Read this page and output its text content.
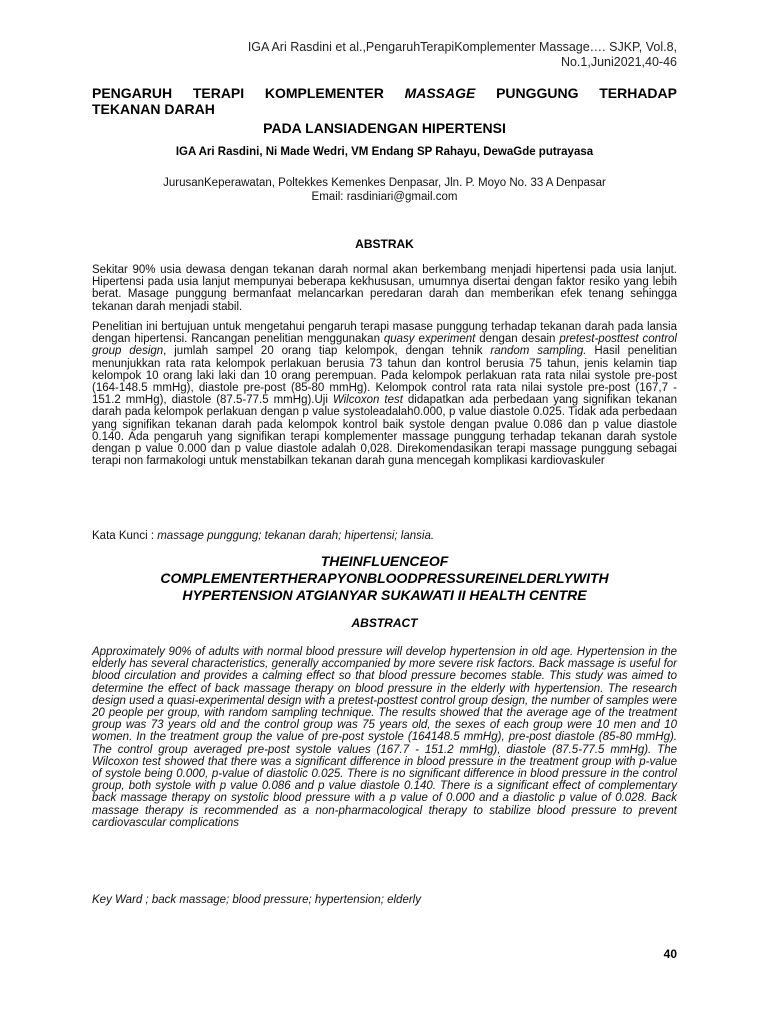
IGA Ari Rasdini et al.,PengaruhTerapiKomplementer Massage…. SJKP, Vol.8,
No.1,Juni2021,40-46
PENGARUH TERAPI KOMPLEMENTER MASSAGE PUNGGUNG TERHADAP
TEKANAN DARAH
PADA LANSIADENGAN HIPERTENSI
IGA Ari Rasdini, Ni Made Wedri, VM Endang SP Rahayu, DewaGde putrayasa
JurusanKeperawatan, Poltekkes Kemenkes Denpasar, Jln. P. Moyo No. 33 A Denpasar
Email: rasdiniari@gmail.com
ABSTRAK
Sekitar 90% usia dewasa dengan tekanan darah normal akan berkembang menjadi hipertensi pada usia lanjut. Hipertensi pada usia lanjut mempunyai beberapa kekhususan, umumnya disertai dengan faktor resiko yang lebih berat. Masage punggung bermanfaat melancarkan peredaran darah dan memberikan efek tenang sehingga tekanan darah menjadi stabil.
Penelitian ini bertujuan untuk mengetahui pengaruh terapi masase punggung terhadap tekanan darah pada lansia dengan hipertensi. Rancangan penelitian menggunakan quasy experiment dengan desain pretest-posttest control group design, jumlah sampel 20 orang tiap kelompok, dengan tehnik random sampling. Hasil penelitian menunjukkan rata rata kelompok perlakuan berusia 73 tahun dan kontrol berusia 75 tahun, jenis kelamin tiap kelompok 10 orang laki laki dan 10 orang perempuan. Pada kelompok perlakuan rata rata nilai systole pre-post (164-148.5 mmHg), diastole pre-post (85-80 mmHg). Kelompok control rata rata nilai systole pre-post (167,7 - 151.2 mmHg), diastole (87.5-77.5 mmHg).Uji Wilcoxon test didapatkan ada perbedaan yang signifikan tekanan darah pada kelompok perlakuan dengan p value systoleadalah0.000, p value diastole 0.025. Tidak ada perbedaan yang signifikan tekanan darah pada kelompok kontrol baik systole dengan pvalue 0.086 dan p value diastole 0.140. Ada pengaruh yang signifikan terapi komplementer massage punggung terhadap tekanan darah systole dengan p value 0.000 dan p value diastole adalah 0,028. Direkomendasikan terapi massage punggung sebagai terapi non farmakologi untuk menstabilkan tekanan darah guna mencegah komplikasi kardiovaskuler
Kata Kunci : massage punggung; tekanan darah; hipertensi; lansia.
THEINFLUENCEOF
COMPLEMENTERTHERAPYONBLOODPRESSUREINELDERLYWITH
HYPERTENSION ATGIANYAR SUKAWATI II HEALTH CENTRE
ABSTRACT
Approximately 90% of adults with normal blood pressure will develop hypertension in old age. Hypertension in the elderly has several characteristics, generally accompanied by more severe risk factors. Back massage is useful for blood circulation and provides a calming effect so that blood pressure becomes stable. This study was aimed to determine the effect of back massage therapy on blood pressure in the elderly with hypertension. The research design used a quasi-experimental design with a pretest-posttest control group design, the number of samples were 20 people per group, with random sampling technique. The results showed that the average age of the treatment group was 73 years old and the control group was 75 years old, the sexes of each group were 10 men and 10 women. In the treatment group the value of pre-post systole (164148.5 mmHg), pre-post diastole (85-80 mmHg). The control group averaged pre-post systole values (167.7 - 151.2 mmHg), diastole (87.5-77.5 mmHg). The Wilcoxon test showed that there was a significant difference in blood pressure in the treatment group with p-value of systole being 0.000, p-value of diastolic 0.025. There is no significant difference in blood pressure in the control group, both systole with p value 0.086 and p value diastole 0.140. There is a significant effect of complementary back massage therapy on systolic blood pressure with a p value of 0.000 and a diastolic p value of 0.028. Back massage therapy is recommended as a non-pharmacological therapy to stabilize blood pressure to prevent cardiovascular complications
Key Ward ; back massage; blood pressure; hypertension; elderly
40
